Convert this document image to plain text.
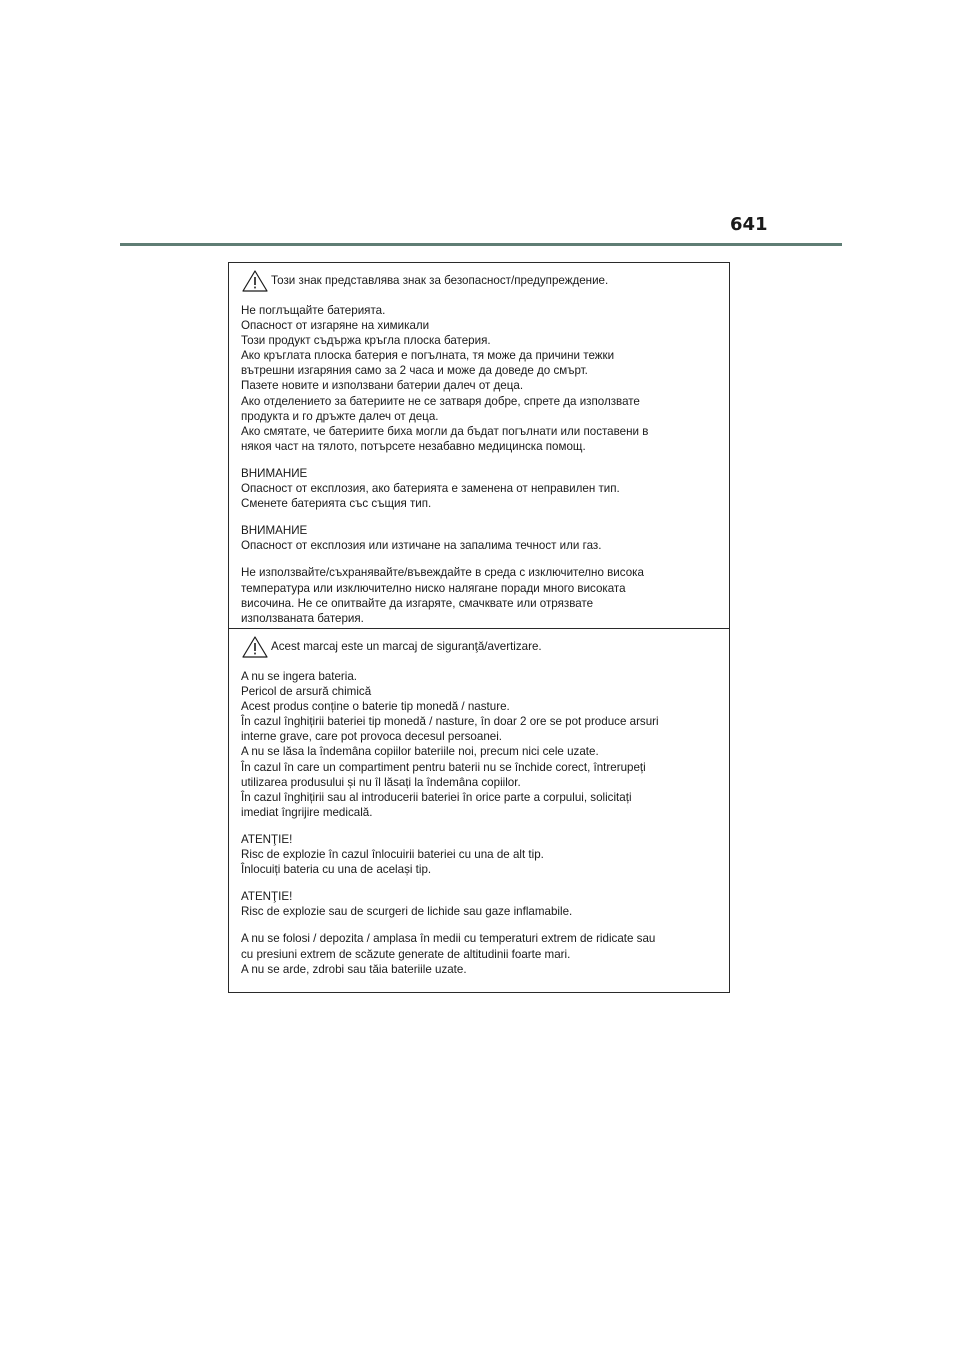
641
Този знак представлява знак за безопасност/предупреждение.
Не поглъщайте батерията.
Опасност от изгаряне на химикали
Този продукт съдържа кръгла плоска батерия.
Ако кръглата плоска батерия е погълната, тя може да причини тежки
вътрешни изгаряния само за 2 часа и може да доведе до смърт.
Пазете новите и използвани батерии далеч от деца.
Ако отделението за батериите не се затваря добре, спрете да използвате
продукта и го дръжте далеч от деца.
Ако смятате, че батериите биха могли да бъдат погълнати или поставени в
някоя част на тялото, потърсете незабавно медицинска помощ.
ВНИМАНИЕ
Опасност от експлозия, ако батерията е заменена от неправилен тип.
Сменете батерията със същия тип.
ВНИМАНИЕ
Опасност от експлозия или изтичане на запалима течност или газ.
Не използвайте/съхранявайте/въвеждайте в среда с изключително висока
температура или изключително ниско налягане поради много високата
височина. Не се опитвайте да изгаряте, смачквате или отрязвате
използваната батерия.
Acest marcaj este un marcaj de siguranţă/avertizare.
A nu se ingera bateria.
Pericol de arsură chimică
Acest produs conține o baterie tip monedă / nasture.
În cazul înghițirii bateriei tip monedă / nasture, în doar 2 ore se pot produce arsuri
interne grave, care pot provoca decesul persoanei.
A nu se lăsa la îndemâna copiilor bateriile noi, precum nici cele uzate.
În cazul în care un compartiment pentru baterii nu se închide corect, întrerupeți
utilizarea produsului și nu îl lăsați la îndemâna copiilor.
În cazul înghițirii sau al introducerii bateriei în orice parte a corpului, solicitați
imediat îngrijire medicală.
ATENŢIE!
Risc de explozie în cazul înlocuirii bateriei cu una de alt tip.
Înlocuiți bateria cu una de același tip.
ATENŢIE!
Risc de explozie sau de scurgeri de lichide sau gaze inflamabile.
A nu se folosi / depozita / amplasa în medii cu temperaturi extrem de ridicate sau
cu presiuni extrem de scăzute generate de altitudinii foarte mari.
A nu se arde, zdrobi sau tăia bateriile uzate.
